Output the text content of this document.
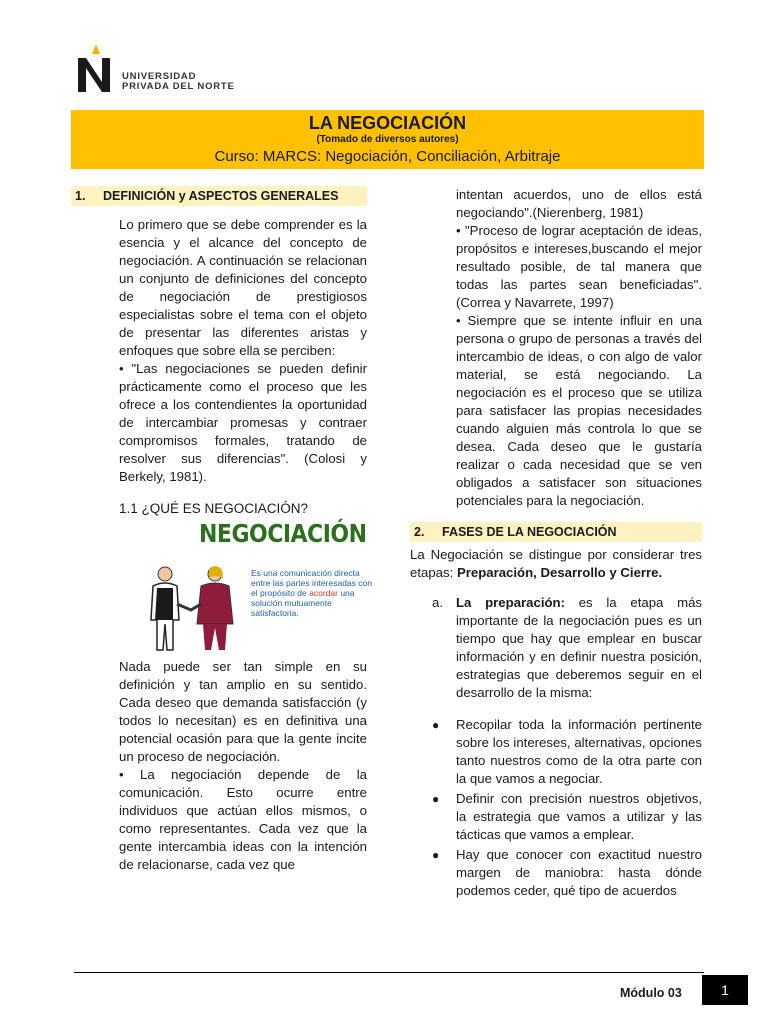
UNIVERSIDAD
PRIVADA DEL NORTE
LA NEGOCIACIÓN
(Tomado de diversos autores)
Curso: MARCS: Negociación, Conciliación, Arbitraje
1.	DEFINICIÓN y ASPECTOS GENERALES

Lo primero que se debe comprender es la esencia y el alcance del concepto de negociación. A continuación se relacionan un conjunto de definiciones del concepto de negociación de prestigiosos especialistas sobre el tema con el objeto de presentar las diferentes aristas y enfoques que sobre ella se perciben:

• "Las negociaciones se pueden definir prácticamente como el proceso que les ofrece a los contendientes la oportunidad de intercambiar promesas y contraer compromisos formales, tratando de resolver sus diferencias". (Colosi y Berkely, 1981).

1.1 ¿QUÉ ES NEGOCIACIÓN?
NEGOCIACIÓN
Es una comunicación directa entre las partes interesadas con el propósito de acordar una solución mutuamente satisfactoria.

Nada puede ser tan simple en su definición y tan amplio en su sentido. Cada deseo que demanda satisfacción (y todos lo necesitan) es en definitiva una potencial ocasión para que la gente incite un proceso de negociación.

• La negociación depende de la comunicación. Esto ocurre entre individuos que actúan ellos mismos, o como representantes. Cada vez que la gente intercambia ideas con la intención de relacionarse, cada vez que

intentan acuerdos, uno de ellos está negociando".(Nierenberg, 1981)

• "Proceso de lograr aceptación de ideas, propósitos e intereses,buscando el mejor resultado posible, de tal manera que todas las partes sean beneficiadas". (Correa y Navarrete, 1997)

• Siempre que se intente influir en una persona o grupo de personas a través del intercambio de ideas, o con algo de valor material, se está negociando. La negociación es el proceso que se utiliza para satisfacer las propias necesidades cuando alguien más controla lo que se desea. Cada deseo que le gustaría realizar o cada necesidad que se ven obligados a satisfacer son situaciones potenciales para la negociación.

2.	FASES DE LA NEGOCIACIÓN

La Negociación se distingue por considerar tres etapas: Preparación, Desarrollo y Cierre.

a. La preparación: es la etapa más importante de la negociación pues es un tiempo que hay que emplear en buscar información y en definir nuestra posición, estrategias que deberemos seguir en el desarrollo de la misma:
●	Recopilar toda la información pertinente sobre los intereses, alternativas, opciones tanto nuestros como de la otra parte con la que vamos a negociar.
●	Definir con precisión nuestros objetivos, la estrategia que vamos a utilizar y las tácticas que vamos a emplear.
●	Hay que conocer con exactitud nuestro margen de maniobra: hasta dónde podemos ceder, qué tipo de acuerdos
Módulo 03	1
